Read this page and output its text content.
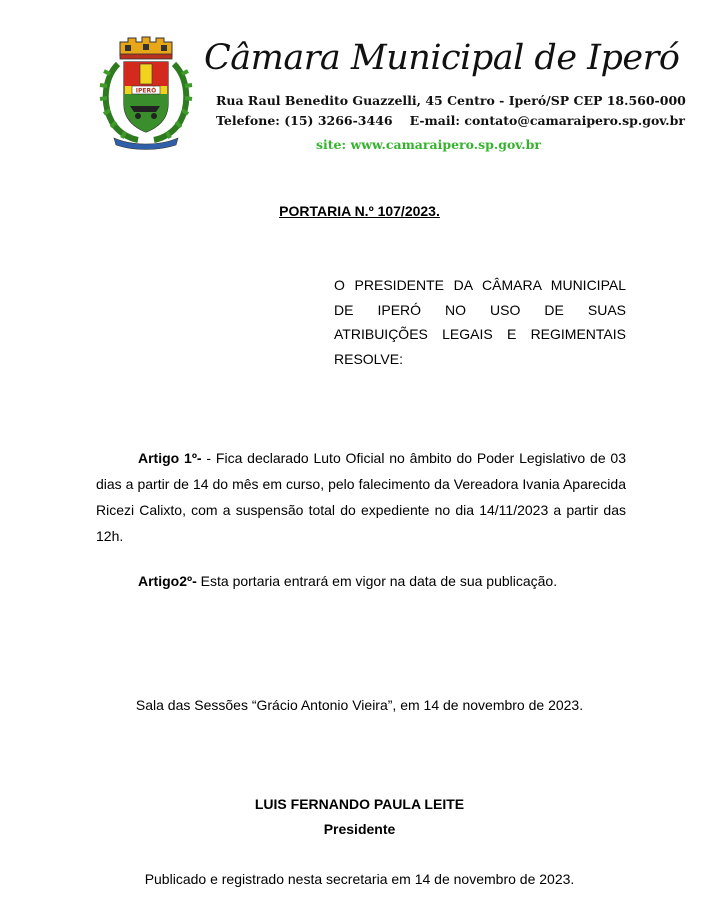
IPERÓ
Câmara Municipal de Iperó
Rua Raul Benedito Guazzelli, 45 Centro - Iperó/SP CEP 18.560-000
Telefone: (15) 3266-3446 E-mail: contato@camaraipero.sp.gov.br
site: www.camaraipero.sp.gov.br
PORTARIA N.º 107/2023.
O PRESIDENTE DA CÂMARA MUNICIPAL
DE IPERÓ NO USO DE SUAS
ATRIBUIÇÕES LEGAIS E REGIMENTAIS
RESOLVE:
Artigo 1º- - Fica declarado Luto Oficial no âmbito do Poder Legislativo de 03 dias a partir de 14 do mês em curso, pelo falecimento da Vereadora Ivania Aparecida Ricezi Calixto, com a suspensão total do expediente no dia 14/11/2023 a partir das 12h.
Artigo2º- Esta portaria entrará em vigor na data de sua publicação.
Sala das Sessões “Grácio Antonio Vieira”, em 14 de novembro de 2023.
LUIS FERNANDO PAULA LEITE
Presidente
Publicado e registrado nesta secretaria em 14 de novembro de 2023.
